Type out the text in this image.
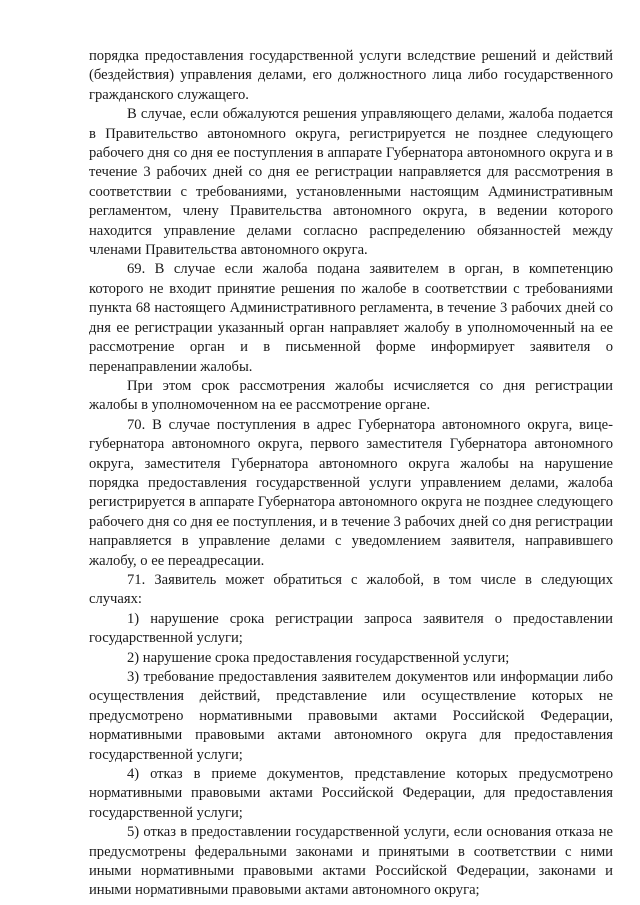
порядка предоставления государственной услуги вследствие решений и действий (бездействия) управления делами, его должностного лица либо государственного гражданского служащего.

В случае, если обжалуются решения управляющего делами, жалоба подается в Правительство автономного округа, регистрируется не позднее следующего рабочего дня со дня ее поступления в аппарате Губернатора автономного округа и в течение 3 рабочих дней со дня ее регистрации направляется для рассмотрения в соответствии с требованиями, установленными настоящим Административным регламентом, члену Правительства автономного округа, в ведении которого находится управление делами согласно распределению обязанностей между членами Правительства автономного округа.

69. В случае если жалоба подана заявителем в орган, в компетенцию которого не входит принятие решения по жалобе в соответствии с требованиями пункта 68 настоящего Административного регламента, в течение 3 рабочих дней со дня ее регистрации указанный орган направляет жалобу в уполномоченный на ее рассмотрение орган и в письменной форме информирует заявителя о перенаправлении жалобы.

При этом срок рассмотрения жалобы исчисляется со дня регистрации жалобы в уполномоченном на ее рассмотрение органе.

70. В случае поступления в адрес Губернатора автономного округа, вице-губернатора автономного округа, первого заместителя Губернатора автономного округа, заместителя Губернатора автономного округа жалобы на нарушение порядка предоставления государственной услуги управлением делами, жалоба регистрируется в аппарате Губернатора автономного округа не позднее следующего рабочего дня со дня ее поступления, и в течение 3 рабочих дней со дня регистрации направляется в управление делами с уведомлением заявителя, направившего жалобу, о ее переадресации.

71. Заявитель может обратиться с жалобой, в том числе в следующих случаях:

1) нарушение срока регистрации запроса заявителя о предоставлении государственной услуги;

2) нарушение срока предоставления государственной услуги;

3) требование предоставления заявителем документов или информации либо осуществления действий, представление или осуществление которых не предусмотрено нормативными правовыми актами Российской Федерации, нормативными правовыми актами автономного округа для предоставления государственной услуги;

4) отказ в приеме документов, представление которых предусмотрено нормативными правовыми актами Российской Федерации, для предоставления государственной услуги;

5) отказ в предоставлении государственной услуги, если основания отказа не предусмотрены федеральными законами и принятыми в соответствии с ними иными нормативными правовыми актами Российской Федерации, законами и иными нормативными правовыми актами автономного округа;
